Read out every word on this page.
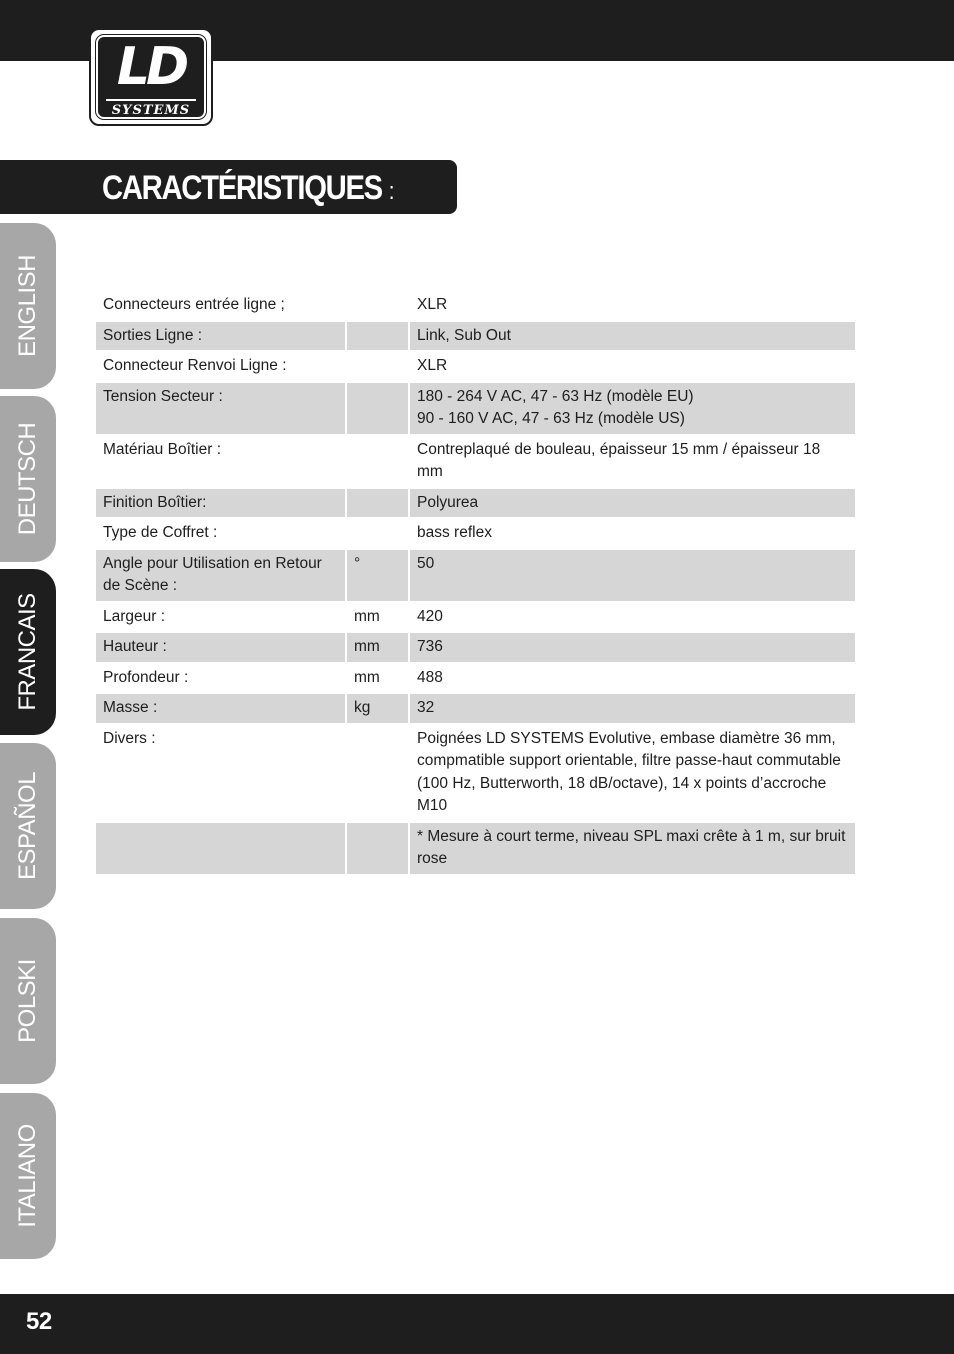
LD
SYSTEMS
CARACTÉRISTIQUES :
ENGLISH
DEUTSCH
FRANCAIS
ESPAÑOL
POLSKI
ITALIANO
Connecteurs entrée ligne ;		XLR

Sorties Ligne :		Link, Sub Out

Connecteur Renvoi Ligne :		XLR

Tension Secteur :		180 - 264 V AC, 47 - 63 Hz (modèle EU)
90 - 160 V AC, 47 - 63 Hz (modèle US)

Matériau Boîtier :		Contreplaqué de bouleau, épaisseur 15 mm / épaisseur 18 mm

Finition Boîtier:		Polyurea

Type de Coffret :		bass reflex

Angle pour Utilisation en Retour de Scène :	°	50

Largeur :	mm	420

Hauteur :	mm	736

Profondeur :	mm	488

Masse :	kg	32

Divers :		Poignées LD SYSTEMS Evolutive, embase diamètre 36 mm,
compmatible support orientable, filtre passe-haut commutable
(100 Hz, Butterworth, 18 dB/octave), 14 x points d’accroche M10

		* Mesure à court terme, niveau SPL maxi crête à 1 m, sur bruit rose
52
